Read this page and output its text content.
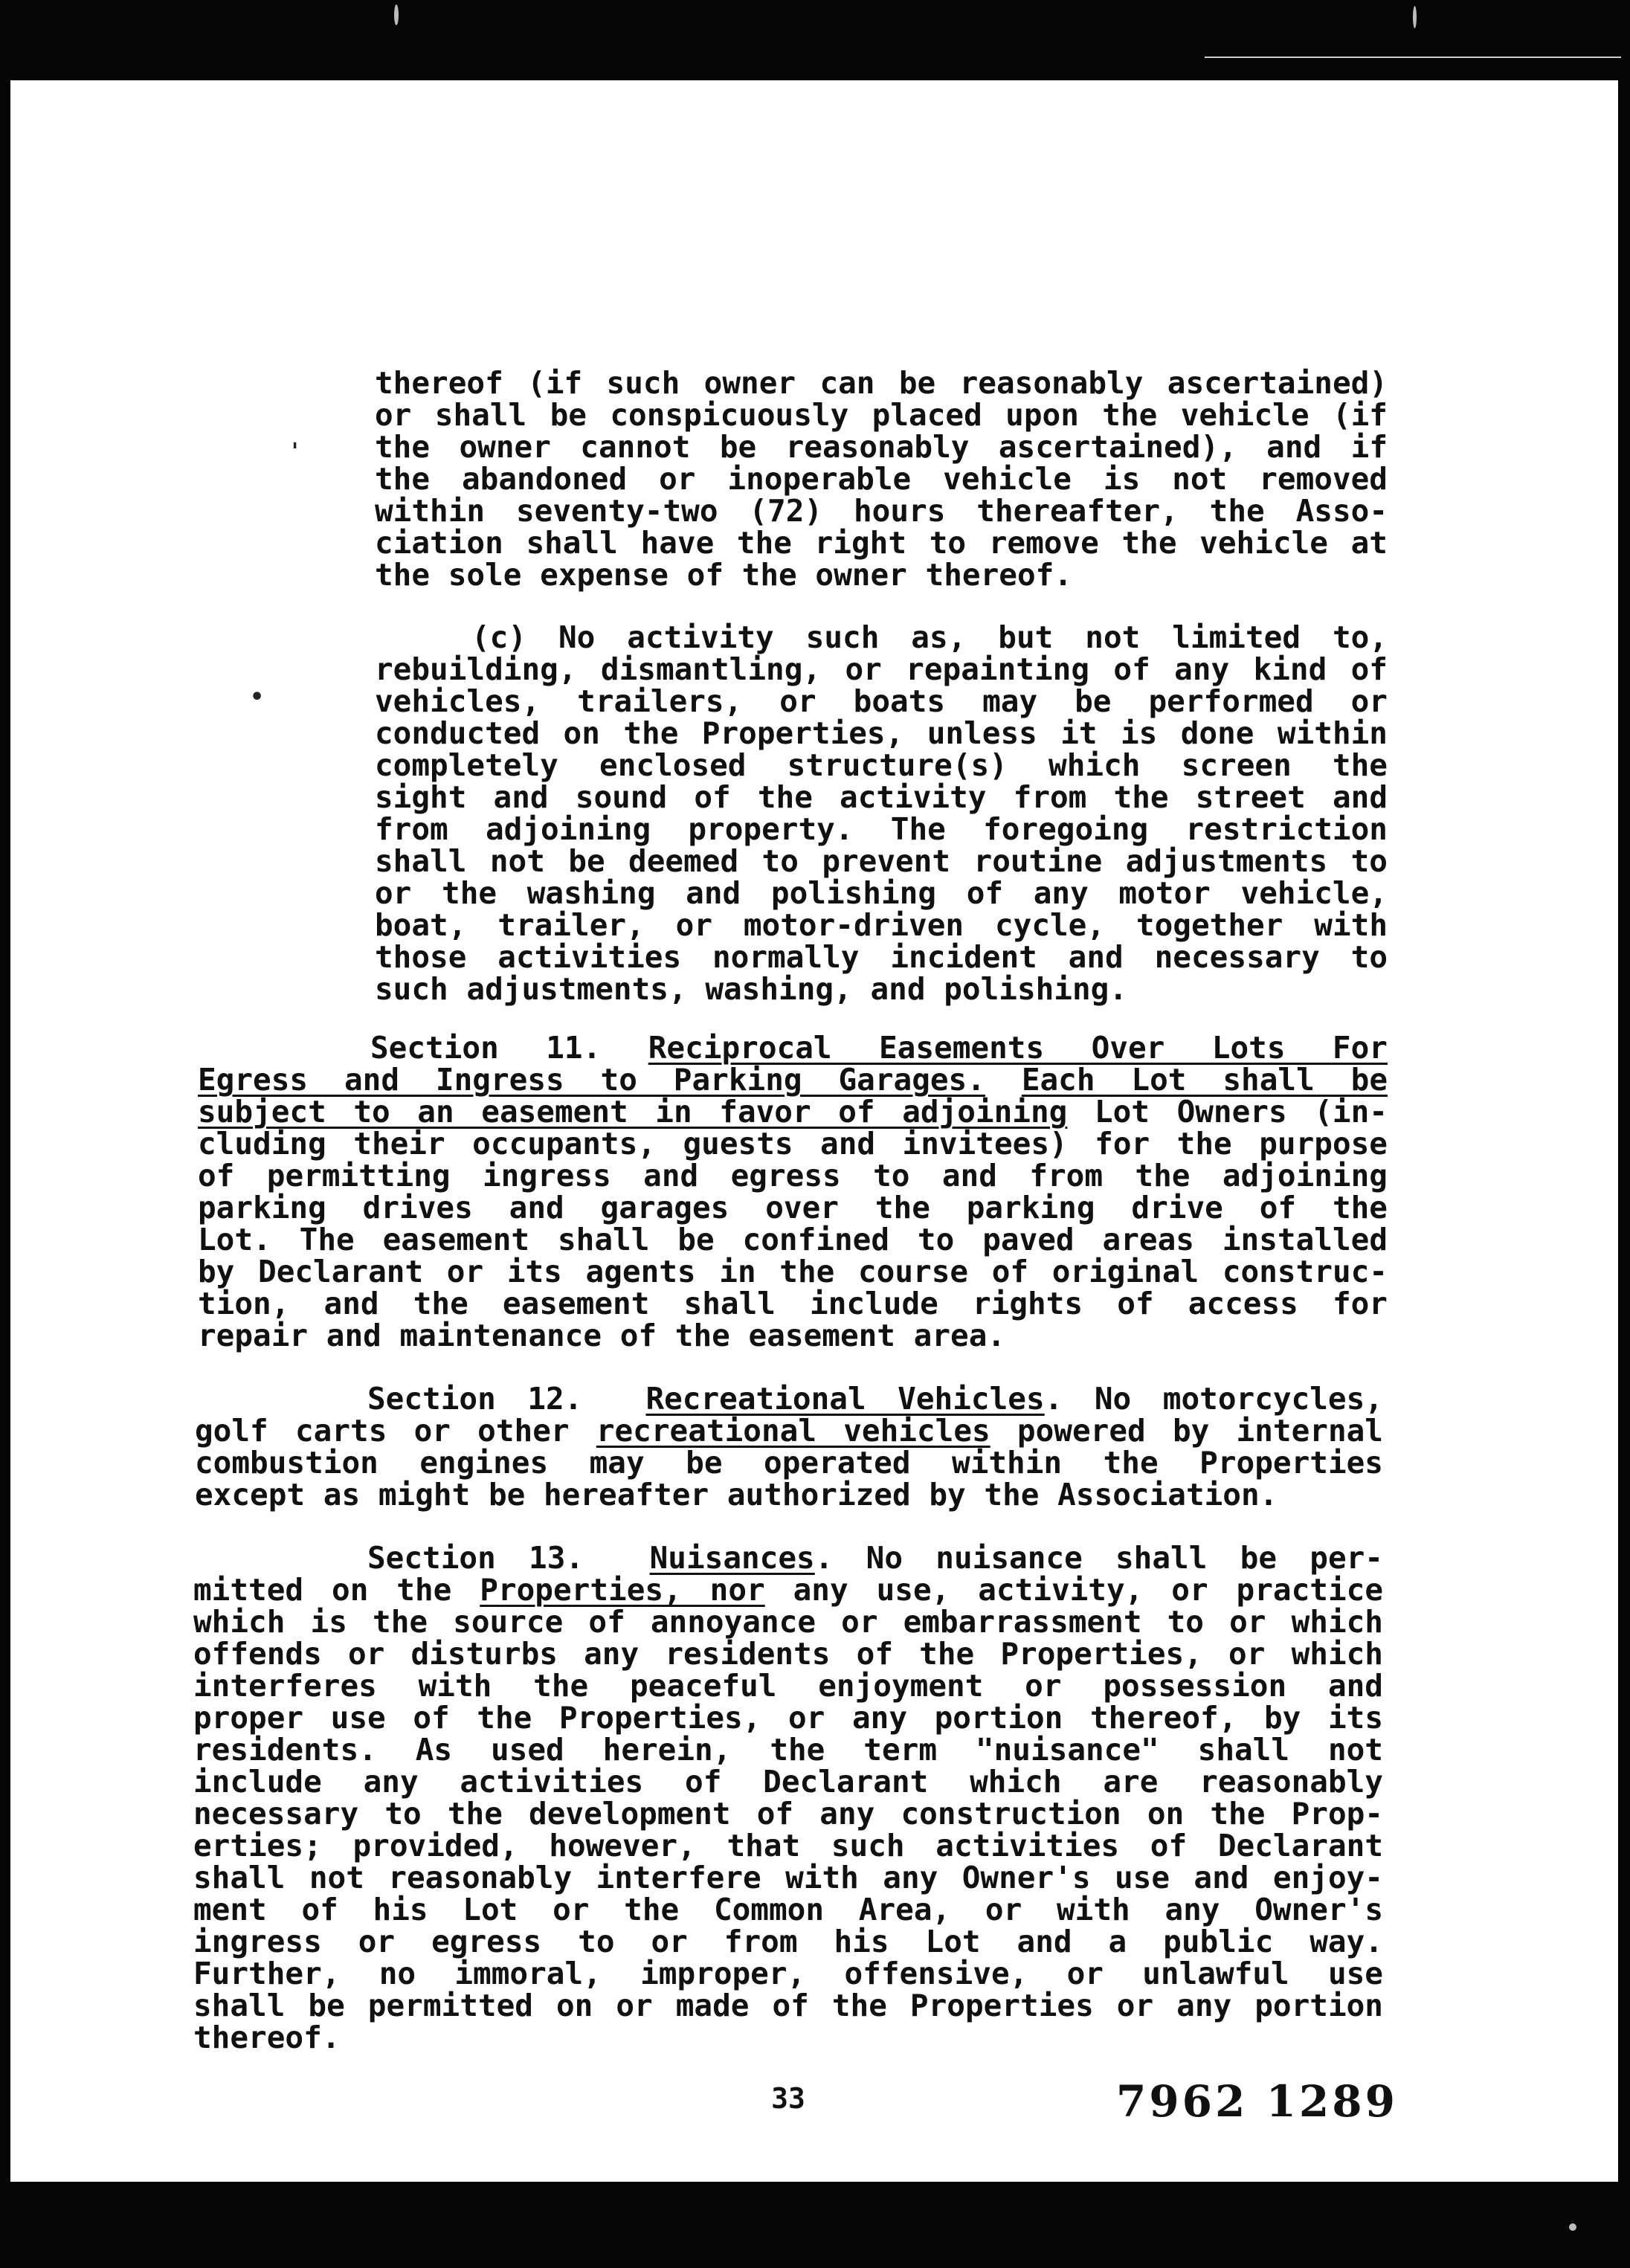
'
•
thereof (if such owner can be reasonably ascertained)
or shall be conspicuously placed upon the vehicle (if
the owner cannot be reasonably ascertained), and if
the abandoned or inoperable vehicle is not removed
within seventy-two (72) hours thereafter, the Asso-
ciation shall have the right to remove the vehicle at
the sole expense of the owner thereof.
(c) No activity such as, but not limited to,
rebuilding, dismantling, or repainting of any kind of
vehicles, trailers, or boats may be performed or
conducted on the Properties, unless it is done within
completely enclosed structure(s) which screen the
sight and sound of the activity from the street and
from adjoining property. The foregoing restriction
shall not be deemed to prevent routine adjustments to
or the washing and polishing of any motor vehicle,
boat, trailer, or motor-driven cycle, together with
those activities normally incident and necessary to
such adjustments, washing, and polishing.
Section 11. Reciprocal Easements Over Lots For
Egress and Ingress to Parking Garages. Each Lot shall be
subject to an easement in favor of adjoining Lot Owners (in-
cluding their occupants, guests and invitees) for the purpose
of permitting ingress and egress to and from the adjoining
parking drives and garages over the parking drive of the
Lot. The easement shall be confined to paved areas installed
by Declarant or its agents in the course of original construc-
tion, and the easement shall include rights of access for
repair and maintenance of the easement area.
Section 12. Recreational Vehicles. No motorcycles,
golf carts or other recreational vehicles powered by internal
combustion engines may be operated within the Properties
except as might be hereafter authorized by the Association.
Section 13. Nuisances. No nuisance shall be per-
mitted on the Properties, nor any use, activity, or practice
which is the source of annoyance or embarrassment to or which
offends or disturbs any residents of the Properties, or which
interferes with the peaceful enjoyment or possession and
proper use of the Properties, or any portion thereof, by its
residents. As used herein, the term "nuisance" shall not
include any activities of Declarant which are reasonably
necessary to the development of any construction on the Prop-
erties; provided, however, that such activities of Declarant
shall not reasonably interfere with any Owner's use and enjoy-
ment of his Lot or the Common Area, or with any Owner's
ingress or egress to or from his Lot and a public way.
Further, no immoral, improper, offensive, or unlawful use
shall be permitted on or made of the Properties or any portion
thereof.
33	7962 1289
